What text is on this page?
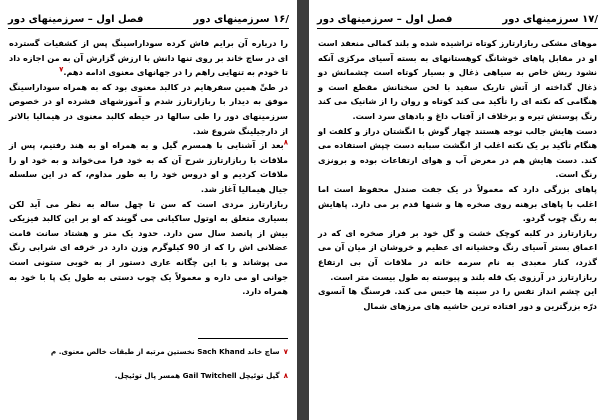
/۱۶ سرزمینهای دور
فصل اول – سرزمینهای دور

را درباره آن برایم فاش کرده سوداراسینگ پس از کشفیات گسترده ای در ساچ خاند بر روی تنها دانش با ارزش گزارش آن به من اجازه داد تا خودم به تنهایی راهم را در جهانهای معنوی ادامه دهم.$^۷$

در طیِّ همین سفرهایم در کالبد معنوی بود که به همراه سوداراسینگ موفق به دیدار با ربازارتارز شدم و آموزشهای فشرده او در خصوص سرزمینهای دور را طی سالها در حیطه کالبد معنوی در هیمالیا بالاتر از دارجیلینگ شروع شد.

$^۸$بعد از آشنایی با همسرم گیل و به همراه او به هند رفتیم، پس از ملاقات با ربازارتارز شرح آن که به خود فرا می‌خواند و به خود او را ملاقات کردیم و او دروس خود را به طور مداوم، که در این سلسله جیال هیمالیا آغاز شد.

ربازارتارز مردی است که سن تا چهل ساله به نظر می آید لکن بسیاری متعلق به اوتول ساکیانی می گویند که او بر این کالبد فیزیکی بیش از پانصد سال سن دارد. حدود یک متر و هشتاد سانت قامت عضلانی اش را که از 90 کیلوگرم وزن دارد در خرقه ای شرابی رنگ می پوشاند و با این چگانه عاری دستور از به خوبی ستونی است جوانی او می داره و معمولاً یک چوب دستی به طول یک پا با خود به همراه دارد.

۷ساچ خاند Sach Khand نخستین مرتبه از طبقات خالص معنوی. م
۸گیل توئیچل Gail Twitchell همسر پال توئیچل.
/۱۷ سرزمینهای دور
فصل اول – سرزمینهای دور

موهای مشکی ربازارتارز کوتاه تراشیده شده و بلند کمالی منعقد است او در مقابل پاهای خوشانگ کوهستانهای به بسته آسیای مرکزی آنکه نشود ریش خاص به سیاهی ذغال و بسیار کوتاه است چشمانش دو ذغال گداخته از آتش تاریک سفید با لحن سخنانش مقطع است و هنگامی که نکته ای را تأکید می کند کوتاه و روان را از شانیک می کند رنگ پوستش تیره و برخلاف از آفتاب داغ و بادهای سرد است.

دست هایش جالب توجه هستند چهار گوش با انگشتان دراز و کلفت او هنگام تأکید بر یک نکته اغلب از انگشت سبابه دست چپش استفاده می کند. دست هایش هم در معرض آب و هوای ارتفاعات بوده و برونزی رنگ است.

پاهای بزرگی دارد که معمولاً در یک جفت صندل محفوظ است اما اغلب با پاهای برهنه روی صخره ها و شنها قدم بر می دارد. پاهایش به رنگ چوب گردو.

ربازارتارز در کلبه کوچک خشت و گل خود بر فراز صخره ای که در اعماق بستر آسیای رنگ وحشیانه ای عظیم و خروشان از میان آن می گذرد، کنار معبدی به نام سرمه خانه در ملاقات آن بی ارتفاع ربازارتارز در آرزوی یک قله بلند و پیوسته به طول بیست متر است.

این چشم انداز تفس را در سینه ها حبس می کند. فرسنگ ها آنسوی درّه بزرگترین و دور افتاده ترین حاشیه های مرزهای شمال
